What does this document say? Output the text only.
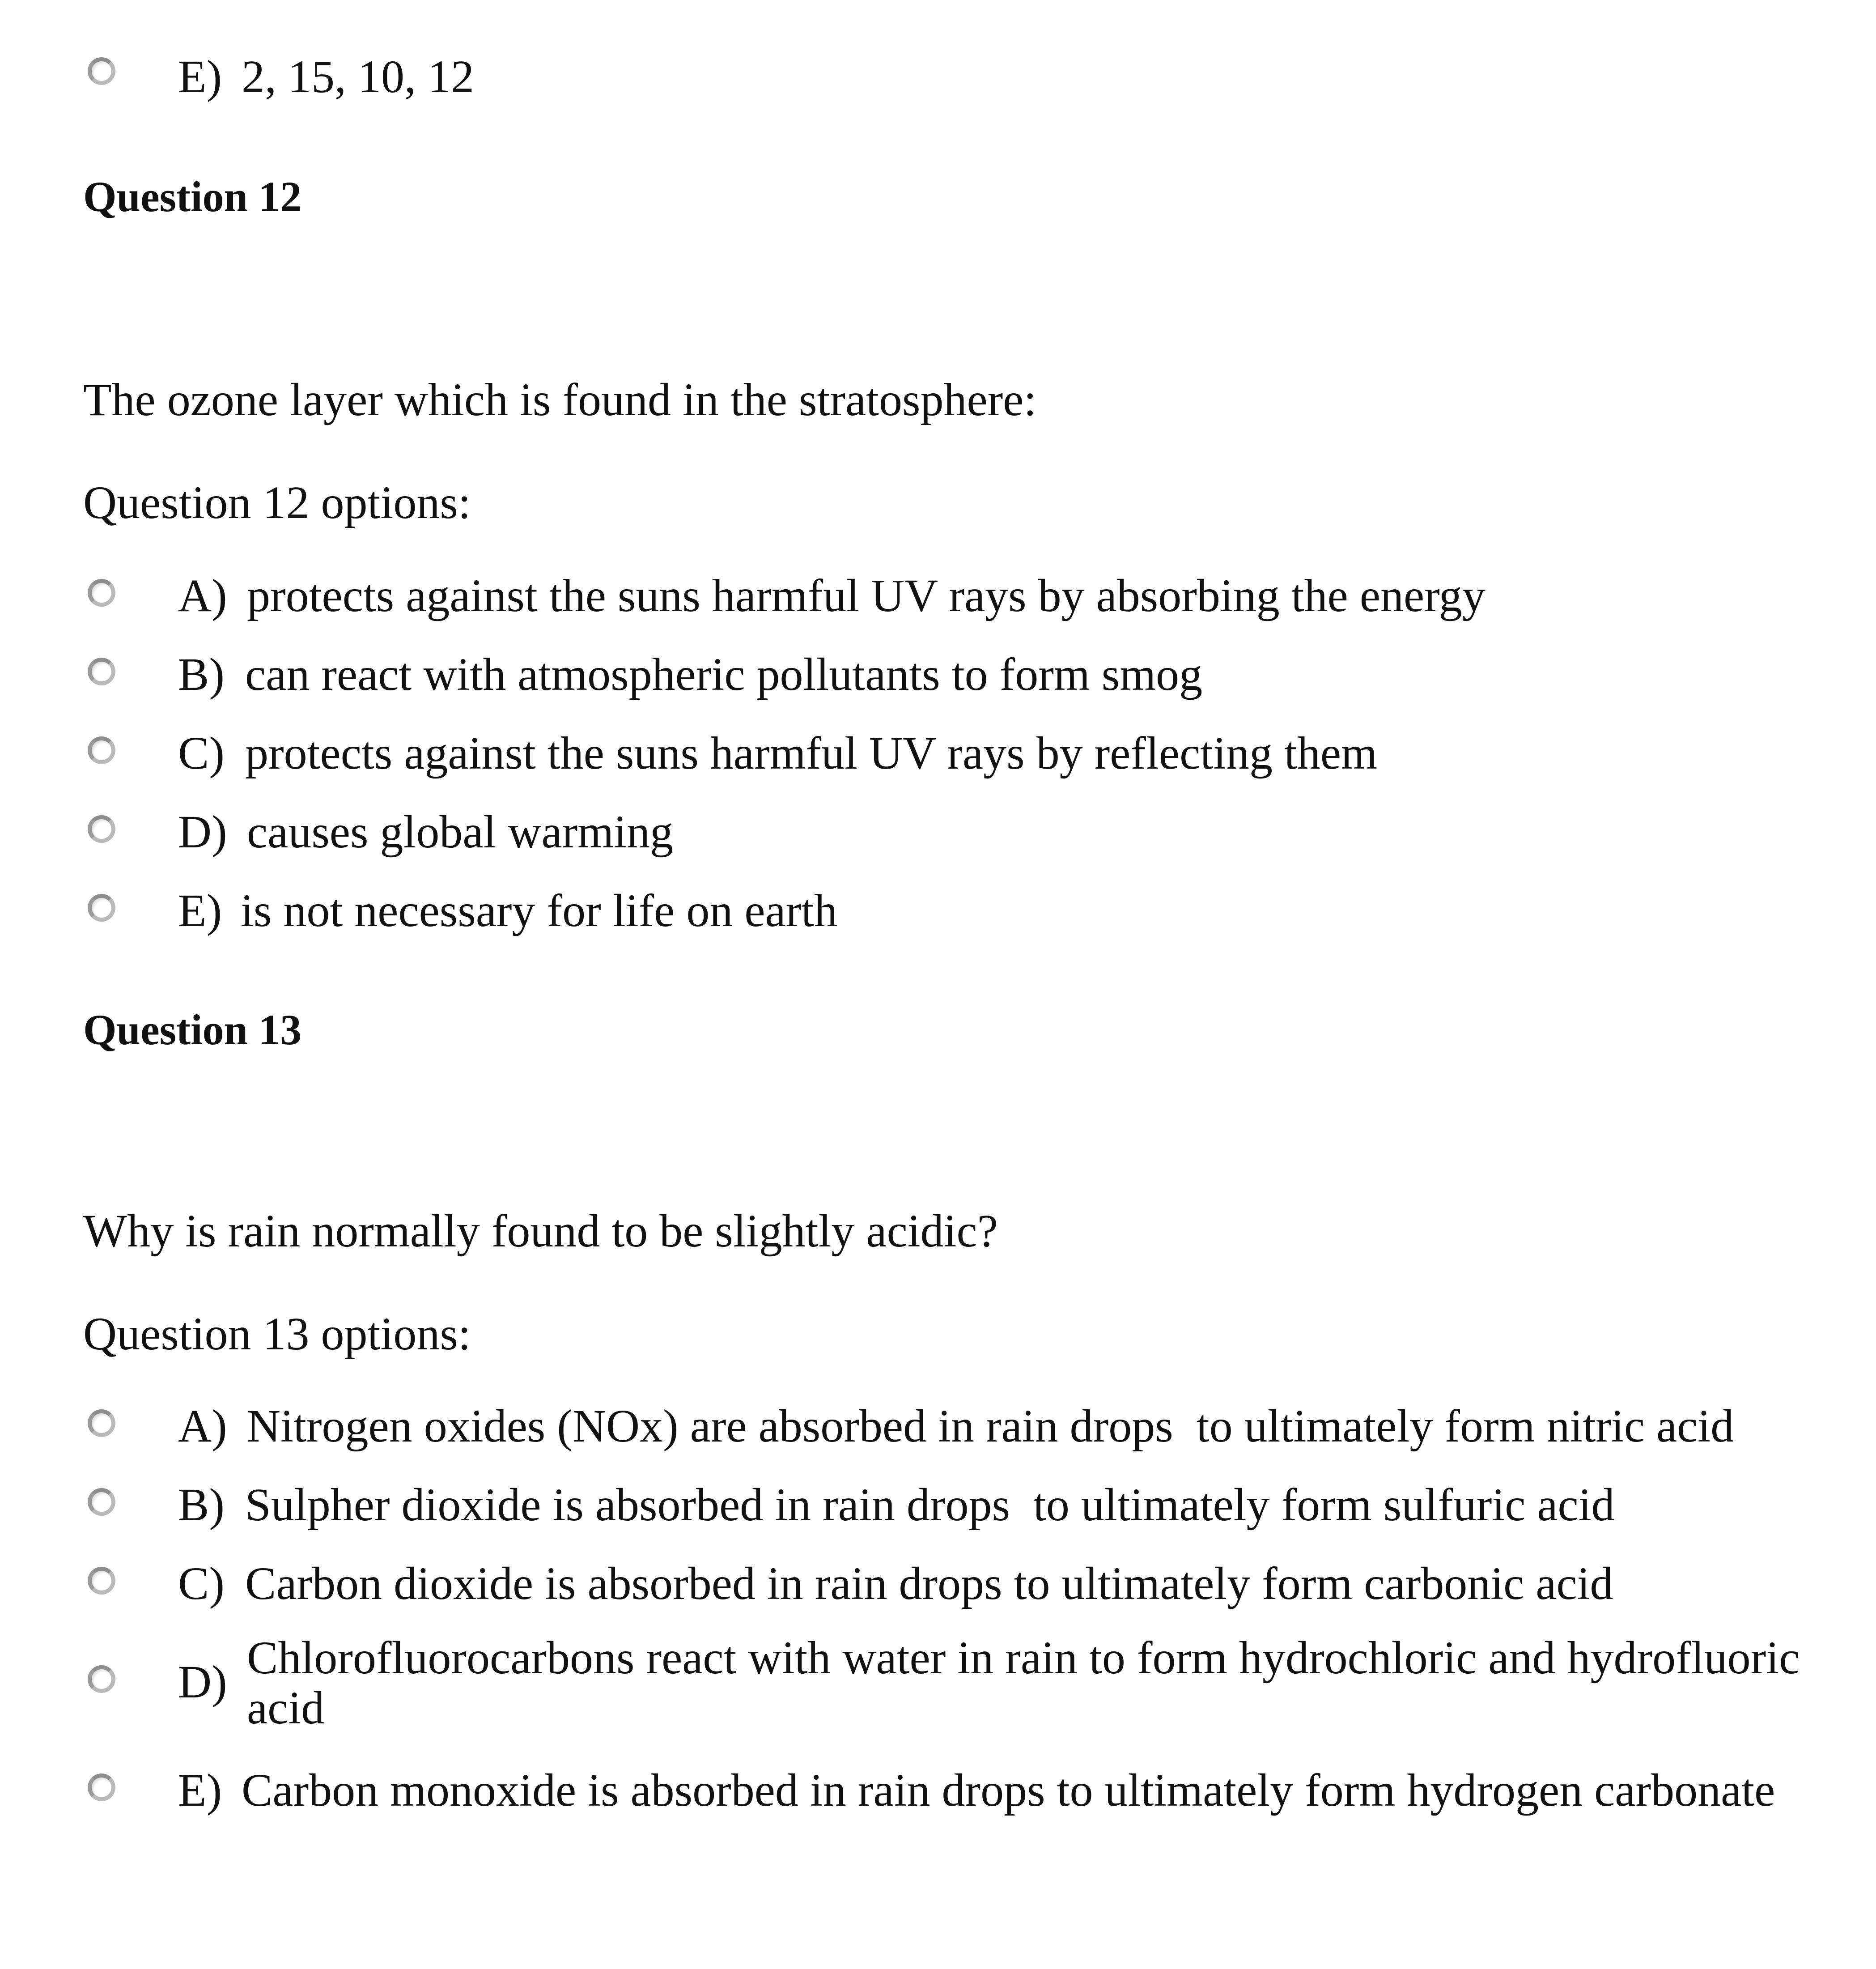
E) 2, 15, 10, 12
Question 12
The ozone layer which is found in the stratosphere:
Question 12 options:
A) protects against the suns harmful UV rays by absorbing the energy
B) can react with atmospheric pollutants to form smog
C) protects against the suns harmful UV rays by reflecting them
D) causes global warming
E) is not necessary for life on earth
Question 13
Why is rain normally found to be slightly acidic?
Question 13 options:
A) Nitrogen oxides (NOx) are absorbed in rain drops  to ultimately form nitric acid
B) Sulpher dioxide is absorbed in rain drops  to ultimately form sulfuric acid
C) Carbon dioxide is absorbed in rain drops to ultimately form carbonic acid
D) Chlorofluorocarbons react with water in rain to form hydrochloric and hydrofluoric
acid
E) Carbon monoxide is absorbed in rain drops to ultimately form hydrogen carbonate
